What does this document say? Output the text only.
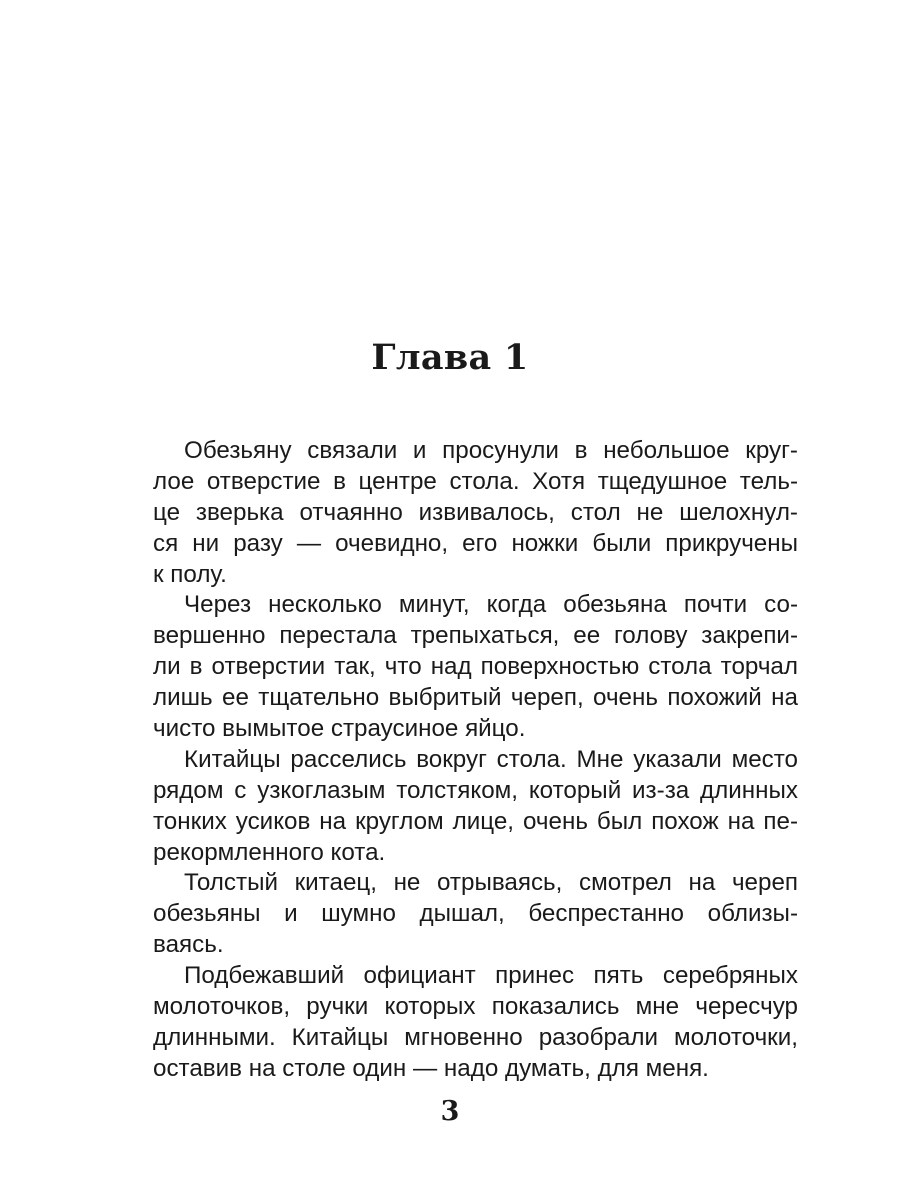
Глава 1

Обезьяну связали и просунули в небольшое круг-
лое отверстие в центре стола. Хотя тщедушное тель-
це зверька отчаянно извивалось, стол не шелохнул-
ся ни разу — очевидно, его ножки были прикручены
к полу.

Через несколько минут, когда обезьяна почти со-
вершенно перестала трепыхаться, ее голову закрепи-
ли в отверстии так, что над поверхностью стола торчал
лишь ее тщательно выбритый череп, очень похожий на
чисто вымытое страусиное яйцо.

Китайцы расселись вокруг стола. Мне указали место
рядом с узкоглазым толстяком, который из-за длинных
тонких усиков на круглом лице, очень был похож на пе-
рекормленного кота.

Толстый китаец, не отрываясь, смотрел на череп
обезьяны и шумно дышал, беспрестанно облизы-
ваясь.

Подбежавший официант принес пять серебряных
молоточков, ручки которых показались мне чересчур
длинными. Китайцы мгновенно разобрали молоточки,
оставив на столе один — надо думать, для меня.

3
